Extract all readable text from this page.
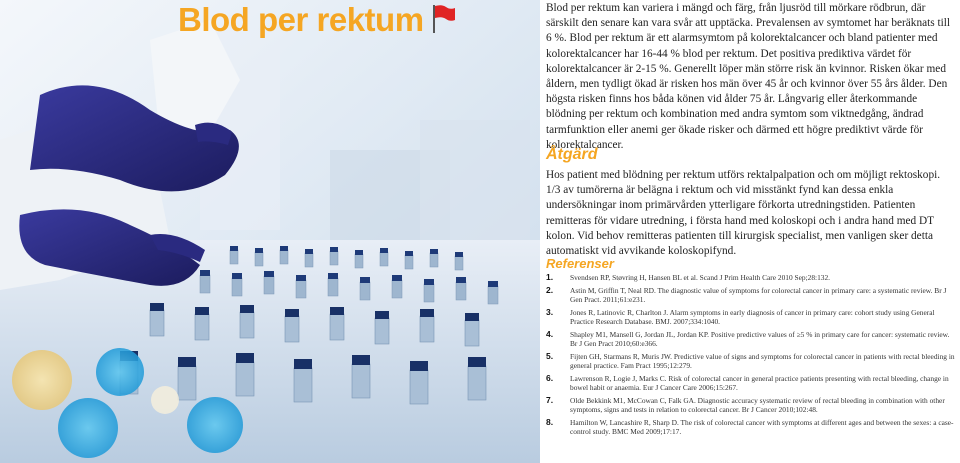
Blod per rektum	Blod per rektum kan variera i mängd och färg, från ljusröd till mörkare rödbrun, där särskilt den senare kan vara svår att upptäcka. Prevalensen av symtomet har beräknats till 6 %. Blod per rektum är ett alarmsymtom på kolorektalcancer och bland patienter med kolorektalcancer har 16-44 % blod per rektum. Det positiva prediktiva värdet för kolorektalcancer är 2-15 %. Generellt löper män större risk än kvinnor. Risken ökar med åldern, men tydligt ökad är risken hos män över 45 år och kvinnor över 55 års ålder. Den högsta risken finns hos båda könen vid ålder 75 år. Långvarig eller återkommande blödning per rektum och kombination med andra symtom som viktnedgång, ändrad tarmfunktion eller anemi ger ökade risker och därmed ett högre prediktivt värde för kolorektalcancer.
Åtgärd
Hos patient med blödning per rektum utförs rektalpalpation och om möjligt rektoskopi. 1/3 av tumörerna är belägna i rektum och vid misstänkt fynd kan dessa enkla undersökningar inom primärvården ytterligare förkorta utredningstiden. Patienten remitteras för vidare utredning, i första hand med koloskopi och i andra hand med DT kolon. Vid behov remitteras patienten till kirurgisk specialist, men vanligen sker detta automatiskt vid avvikande koloskopifynd.
Referenser
1.	Svendsen RP, Støvring H, Hansen BL et al. Scand J Prim Health Care 2010 Sep;28:132.
2.	Astin M, Griffin T, Neal RD. The diagnostic value of symptoms for colorectal cancer in primary care: a systematic review. Br J Gen Pract. 2011;61:e231.
3.	Jones R, Latinovic R, Charlton J. Alarm symptoms in early diagnosis of cancer in primary care: cohort study using General Practice Research Database. BMJ. 2007;334:1040.
4.	Shapley M1, Mansell G, Jordan JL, Jordan KP. Positive predictive values of ≥5 % in primary care for cancer: systematic review. Br J Gen Pract 2010;60:e366.
5.	Fijten GH, Starmans R, Muris JW. Predictive value of signs and symptoms for colorectal cancer in patients with rectal bleeding in general practice. Fam Pract 1995;12:279.
6.	Lawrenson R, Logie J, Marks C. Risk of colorectal cancer in general practice patients presenting with rectal bleeding, change in bowel habit or anaemia. Eur J Cancer Care 2006;15:267.
7.	Olde Bekkink M1, McCowan C, Falk GA. Diagnostic accuracy systematic review of rectal bleeding in combination with other symptoms, signs and tests in relation to colorectal cancer. Br J Cancer 2010;102:48.
8.	Hamilton W, Lancashire R, Sharp D. The risk of colorectal cancer with symptoms at different ages and between the sexes: a case-control study. BMC Med 2009;17:17.
